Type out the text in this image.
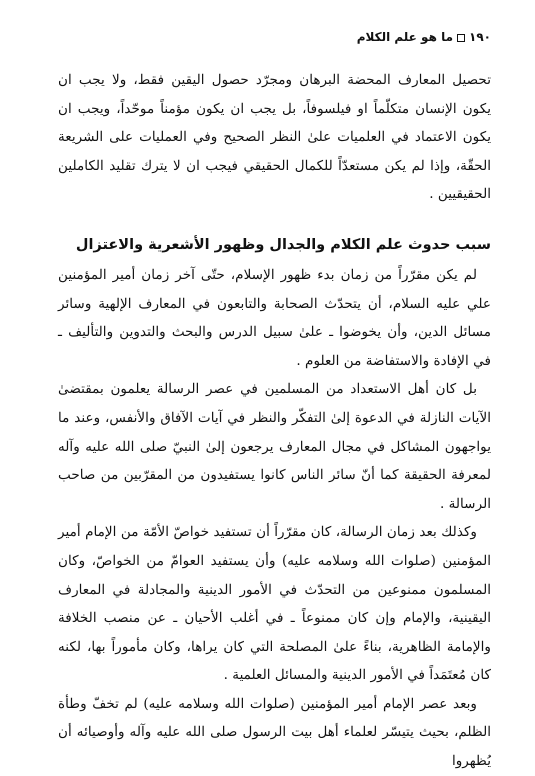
١٩٠ما هو علم الكلام

تحصيل المعارف المحضة البرهان ومجرّد حصول اليقين فقط، ولا يجب ان يكون الإنسان متكلّماً او فيلسوفاً، بل يجب ان يكون مؤمناً موحّداً، ويجب ان يكون الاعتماد في العلميات علىٰ النظر الصحيح وفي العمليات على الشريعة الحقّة، وإذا لم يكن مستعدّاً للكمال الحقيقي فيجب ان لا يترك تقليد الكاملين الحقيقيين .

سبب حدوث علم الكلام والجدال وظهور الأشعرية والاعتزال

لم يكن مقرّراً من زمان بدء ظهور الإسلام، حتّى آخر زمان أمير المؤمنين علي عليه السلام، أن يتحدّث الصحابة والتابعون في المعارف الإلهية وسائر مسائل الدين، وأن يخوضوا ـ علىٰ سبيل الدرس والبحث والتدوين والتأليف ـ في الإفادة والاستفاضة من العلوم .

بل كان أهل الاستعداد من المسلمين في عصر الرسالة يعلمون بمقتضىٰ الآيات النازلة في الدعوة إلىٰ التفكّر والنظر في آيات الآفاق والأنفس، وعند ما يواجهون المشاكل في مجال المعارف يرجعون إلىٰ النبيّ صلى الله عليه وآله لمعرفة الحقيقة كما أنّ سائر الناس كانوا يستفيدون من المقرّبين من صاحب الرسالة .

وكذلك بعد زمان الرسالة، كان مقرّراً أن تستفيد خواصّ الأمّة من الإمام أمير المؤمنين (صلوات الله وسلامه عليه) وأن يستفيد العوامّ من الخواصّ، وكان المسلمون ممنوعين من التحدّث في الأمور الدينية والمجادلة في المعارف اليقينية، والإمام وإن كان ممنوعاً ـ في أغلب الأحيان ـ عن منصب الخلافة والإمامة الظاهرية، بناءً علىٰ المصلحة التي كان يراها، وكان مأموراً بها، لكنه كان مُعتَمَداً في الأمور الدينية والمسائل العلمية .

وبعد عصر الإمام أمير المؤمنين (صلوات الله وسلامه عليه) لم تخفّ وطأة الظلم، بحيث يتيسّر لعلماء أهل بيت الرسول صلى الله عليه وآله وأوصيائه أن يُظهروا
